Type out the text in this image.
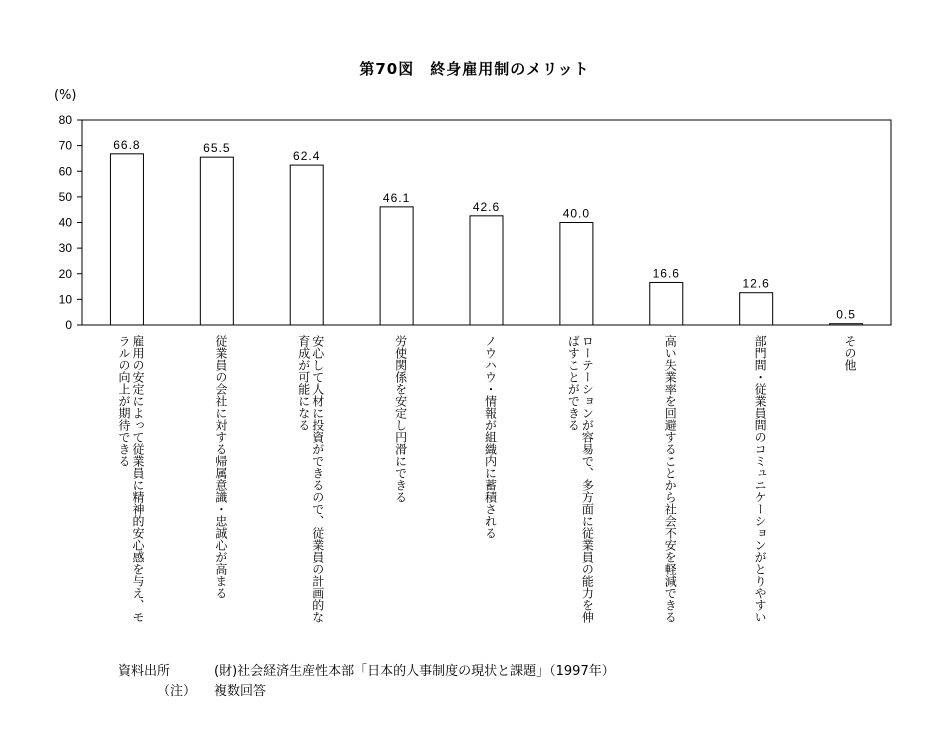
第70図　終身雇用制のメリット
(%)
0
10
20
30
40
50
60
70
80
66.8
雇用の安定によって従業員に精神的安心感を与え、モ
ラルの向上が期待できる
65.5
従業員の会社に対する帰属意識・忠誠心が高まる
62.4
安心して人材に投資ができるので、従業員の計画的な
育成が可能になる
46.1
労使関係を安定し円滑にできる
42.6
ノウハウ・情報が組織内に蓄積される
40.0
ローテーションが容易で、多方面に従業員の能力を伸
ばすことができる
16.6
高い失業率を回避することから社会不安を軽減できる
12.6
部門間・従業員間のコミュニケーションがとりやすい
0.5
その他
資料出所	(財)社会経済生産性本部「日本的人事制度の現状と課題」（1997年）
（注） 複数回答
